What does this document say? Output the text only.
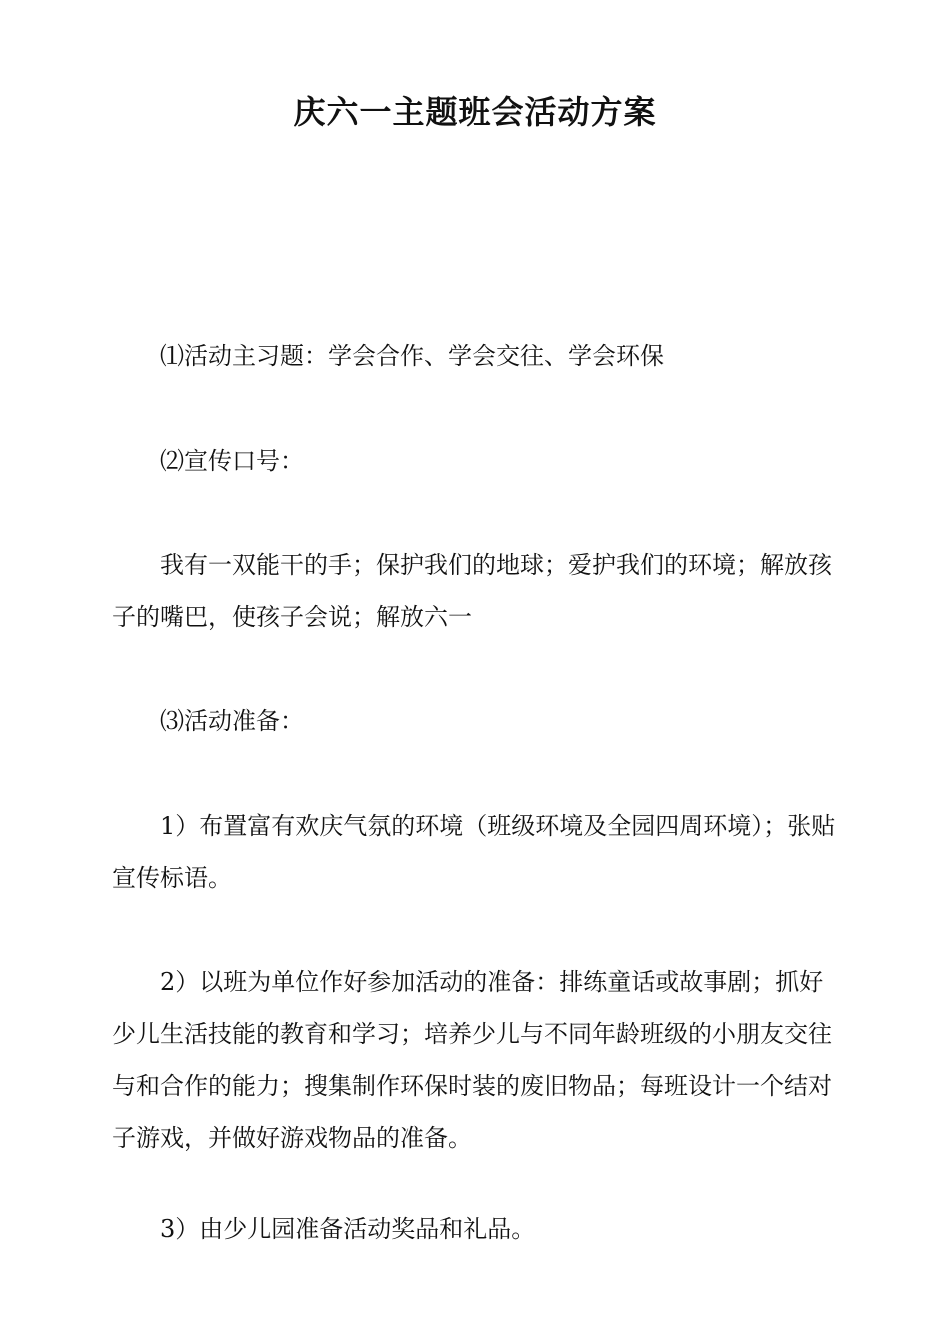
庆六一主题班会活动方案

⑴活动主习题：学会合作、学会交往、学会环保

⑵宣传口号：

我有一双能干的手；保护我们的地球；爱护我们的环境；解放孩子的嘴巴，使孩子会说；解放六一

⑶活动准备：

1）布置富有欢庆气氛的环境（班级环境及全园四周环境）；张贴宣传标语。

2）以班为单位作好参加活动的准备：排练童话或故事剧；抓好少儿生活技能的教育和学习；培养少儿与不同年龄班级的小朋友交往与和合作的能力；搜集制作环保时装的废旧物品；每班设计一个结对子游戏，并做好游戏物品的准备。

3）由少儿园准备活动奖品和礼品。
